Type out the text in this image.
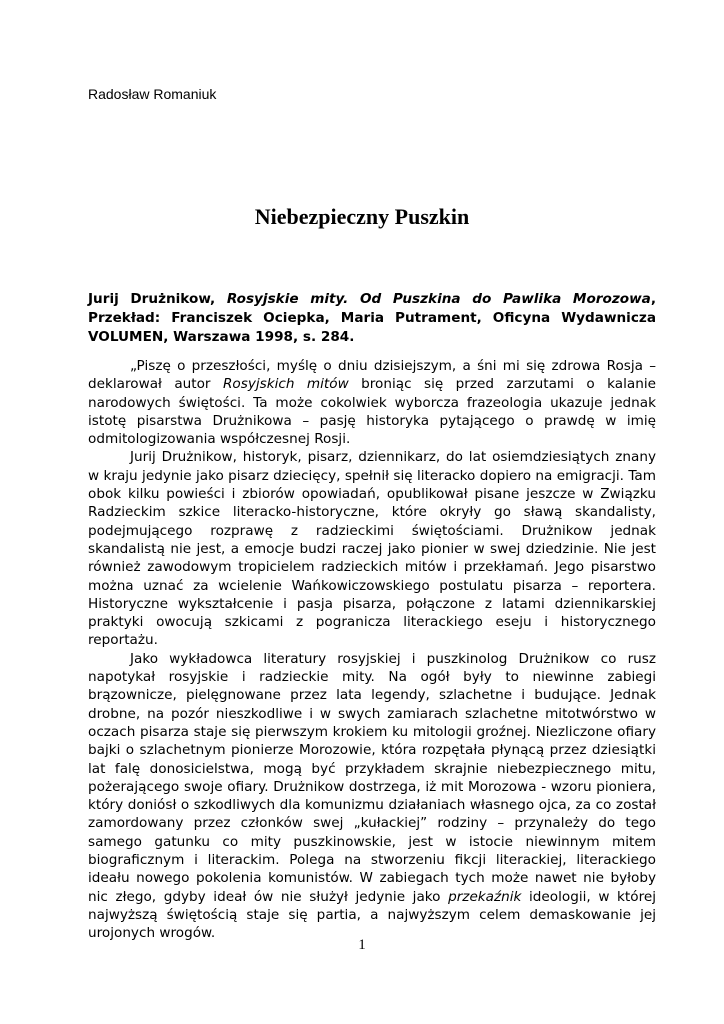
Radosław Romaniuk
Niebezpieczny Puszkin
Jurij Drużnikow, Rosyjskie mity. Od Puszkina do Pawlika Morozowa, Przekład: Franciszek Ociepka, Maria Putrament, Oficyna Wydawnicza VOLUMEN, Warszawa 1998, s. 284.

„Piszę o przeszłości, myślę o dniu dzisiejszym, a śni mi się zdrowa Rosja – deklarował autor Rosyjskich mitów broniąc się przed zarzutami o kalanie narodowych świętości. Ta może cokolwiek wyborcza frazeologia ukazuje jednak istotę pisarstwa Drużnikowa – pasję historyka pytającego o prawdę w imię odmitologizowania współczesnej Rosji.

Jurij Drużnikow, historyk, pisarz, dziennikarz, do lat osiemdziesiątych znany w kraju jedynie jako pisarz dziecięcy, spełnił się literacko dopiero na emigracji. Tam obok kilku powieści i zbiorów opowiadań, opublikował pisane jeszcze w Związku Radzieckim szkice literacko-historyczne, które okryły go sławą skandalisty, podejmującego rozprawę z radzieckimi świętościami. Drużnikow jednak skandalistą nie jest, a emocje budzi raczej jako pionier w swej dziedzinie. Nie jest również zawodowym tropicielem radzieckich mitów i przekłamań. Jego pisarstwo można uznać za wcielenie Wańkowiczowskiego postulatu pisarza – reportera. Historyczne wykształcenie i pasja pisarza, połączone z latami dziennikarskiej praktyki owocują szkicami z pogranicza literackiego eseju i historycznego reportażu.

Jako wykładowca literatury rosyjskiej i puszkinolog Drużnikow co rusz napotykał rosyjskie i radzieckie mity. Na ogół były to niewinne zabiegi brązownicze, pielęgnowane przez lata legendy, szlachetne i budujące. Jednak drobne, na pozór nieszkodliwe i w swych zamiarach szlachetne mitotwórstwo w oczach pisarza staje się pierwszym krokiem ku mitologii groźnej. Niezliczone ofiary bajki o szlachetnym pionierze Morozowie, która rozpętała płynącą przez dziesiątki lat falę donosicielstwa, mogą być przykładem skrajnie niebezpiecznego mitu, pożerającego swoje ofiary. Drużnikow dostrzega, iż mit Morozowa - wzoru pioniera, który doniósł o szkodliwych dla komunizmu działaniach własnego ojca, za co został zamordowany przez członków swej „kułackiej” rodziny – przynależy do tego samego gatunku co mity puszkinowskie, jest w istocie niewinnym mitem biograficznym i literackim. Polega na stworzeniu fikcji literackiej, literackiego ideału nowego pokolenia komunistów. W zabiegach tych może nawet nie byłoby nic złego, gdyby ideał ów nie służył jedynie jako przekaźnik ideologii, w której najwyższą świętością staje się partia, a najwyższym celem demaskowanie jej urojonych wrogów.

1
